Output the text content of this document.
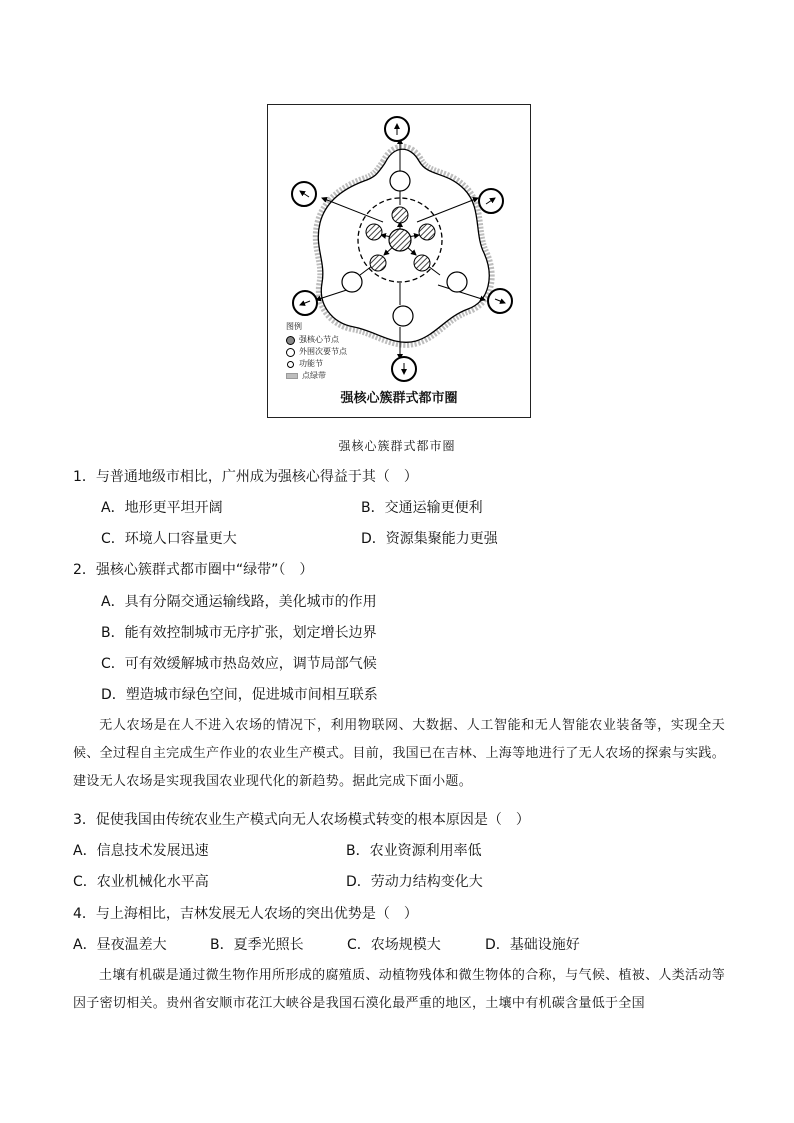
图例
强核心节点
外围次要节点
功能节
点绿带
强核心簇群式都市圈
强核心簇群式都市圈
1．与普通地级市相比，广州成为强核心得益于其（　）
A．地形更平坦开阔	B．交通运输更便利
C．环境人口容量更大	D．资源集聚能力更强
2．强核心簇群式都市圈中“绿带”（　）
A．具有分隔交通运输线路，美化城市的作用
B．能有效控制城市无序扩张，划定增长边界
C．可有效缓解城市热岛效应，调节局部气候
D．塑造城市绿色空间，促进城市间相互联系
无人农场是在人不进入农场的情况下，利用物联网、大数据、人工智能和无人智能农业装备等，实现全天候、全过程自主完成生产作业的农业生产模式。目前，我国已在吉林、上海等地进行了无人农场的探索与实践。建设无人农场是实现我国农业现代化的新趋势。据此完成下面小题。
3．促使我国由传统农业生产模式向无人农场模式转变的根本原因是（　）
A．信息技术发展迅速	B．农业资源利用率低
C．农业机械化水平高	D．劳动力结构变化大
4．与上海相比，吉林发展无人农场的突出优势是（　）
A．昼夜温差大	B．夏季光照长	C．农场规模大	D．基础设施好
土壤有机碳是通过微生物作用所形成的腐殖质、动植物残体和微生物体的合称，与气候、植被、人类活动等因子密切相关。贵州省安顺市花江大峡谷是我国石漠化最严重的地区，土壤中有机碳含量低于全国
